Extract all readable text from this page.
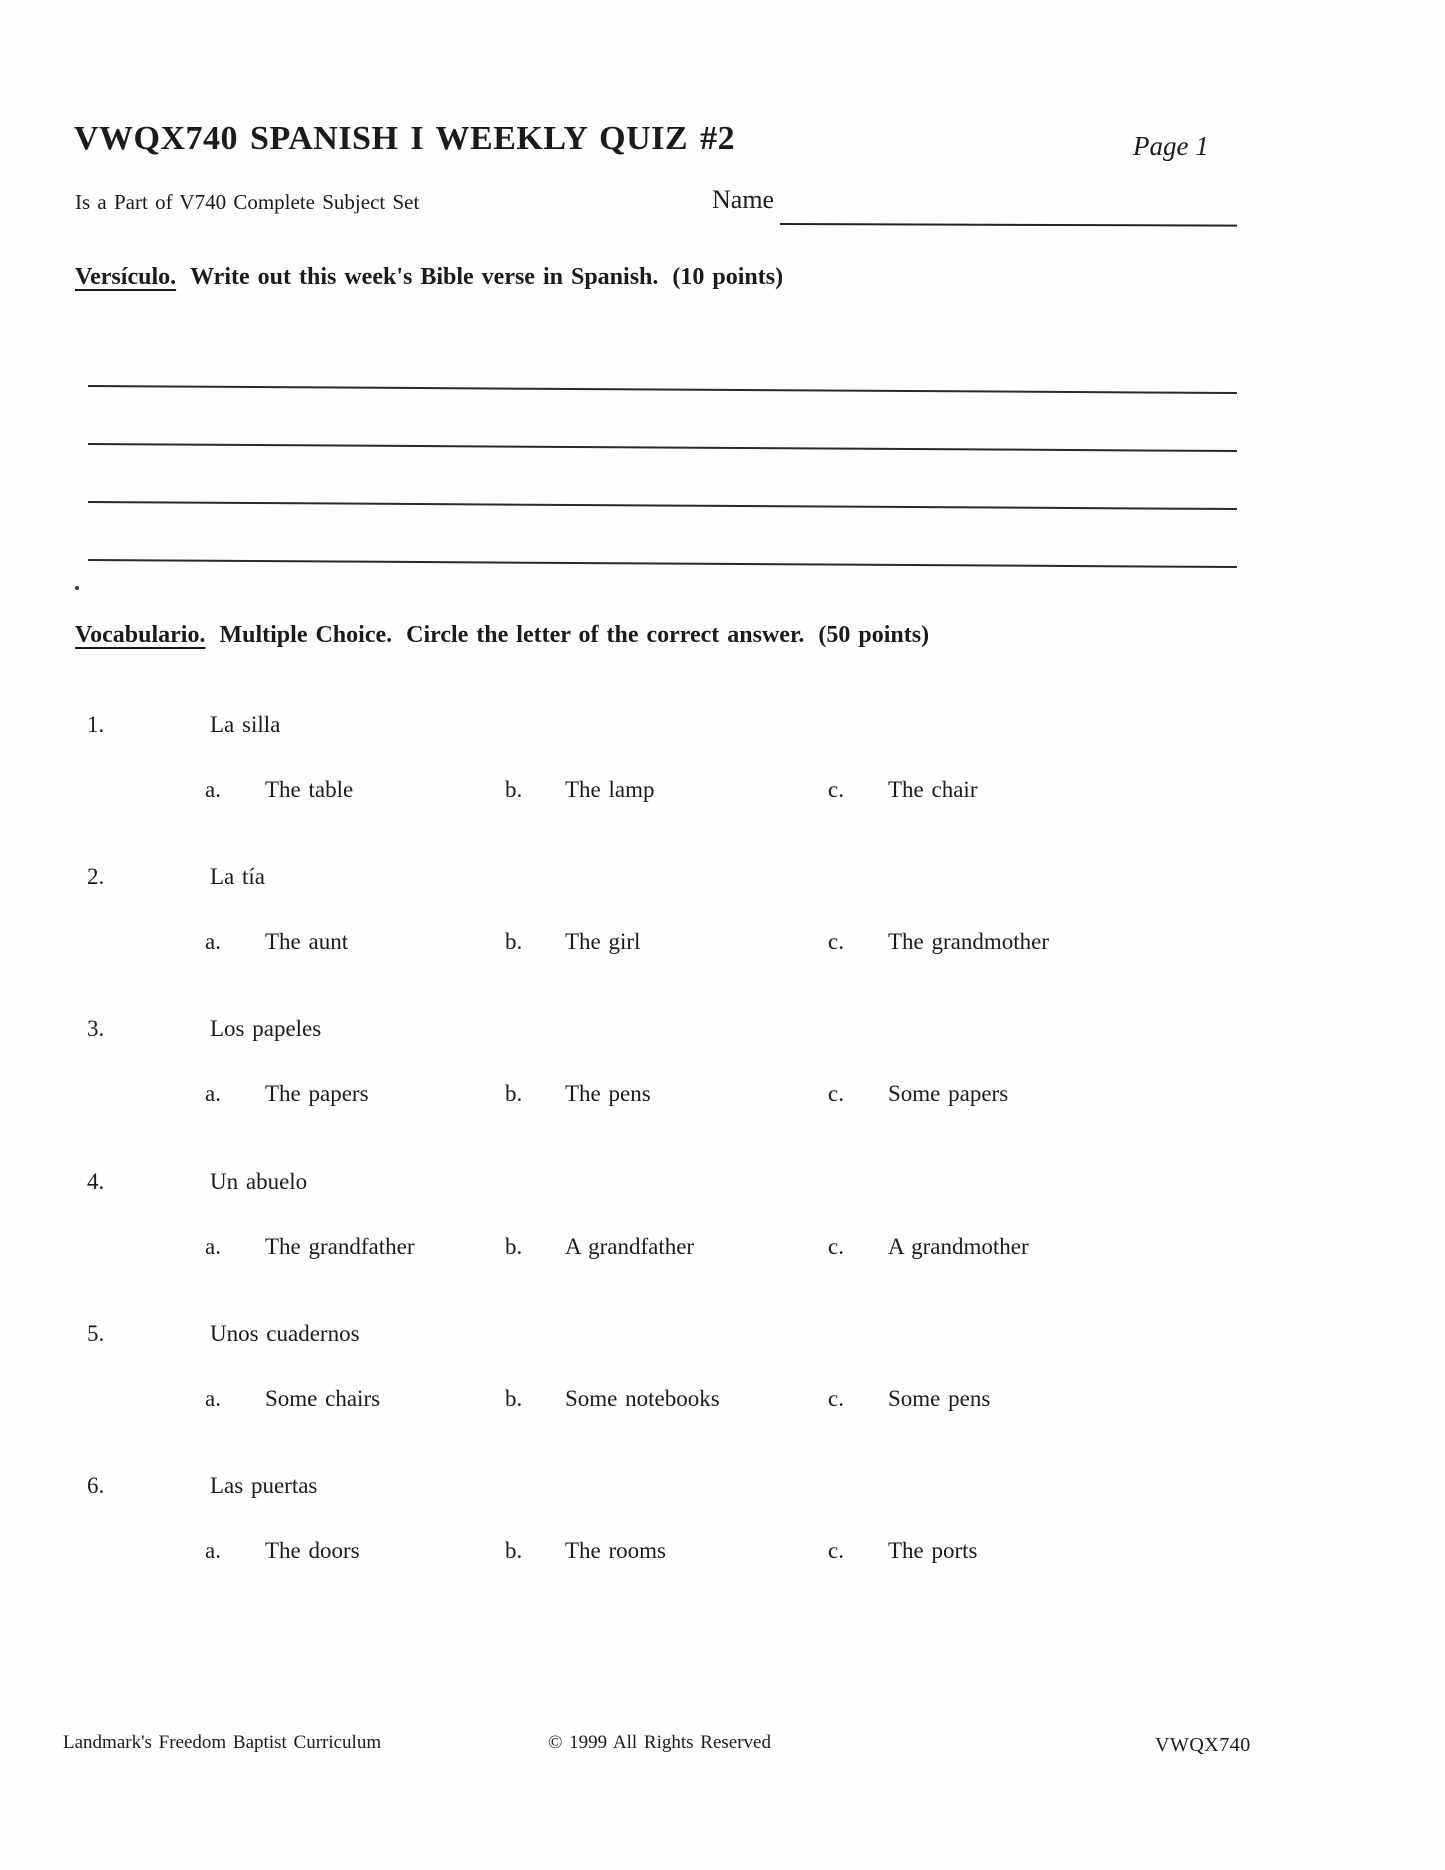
VWQX740 SPANISH I WEEKLY QUIZ #2	Page 1
Is a Part of V740 Complete Subject Set	Name
Versículo. Write out this week's Bible verse in Spanish. (10 points)
Vocabulario. Multiple Choice. Circle the letter of the correct answer. (50 points)
1.	La silla
a. The table	b. The lamp	c. The chair
2.	La tía
a. The aunt	b. The girl	c. The grandmother
3.	Los papeles
a. The papers	b. The pens	c. Some papers
4.	Un abuelo
a. The grandfather	b. A grandfather	c. A grandmother
5.	Unos cuadernos
a. Some chairs	b. Some notebooks	c. Some pens
6.	Las puertas
a. The doors	b. The rooms	c. The ports
Landmark's Freedom Baptist Curriculum	© 1999 All Rights Reserved	VWQX740
